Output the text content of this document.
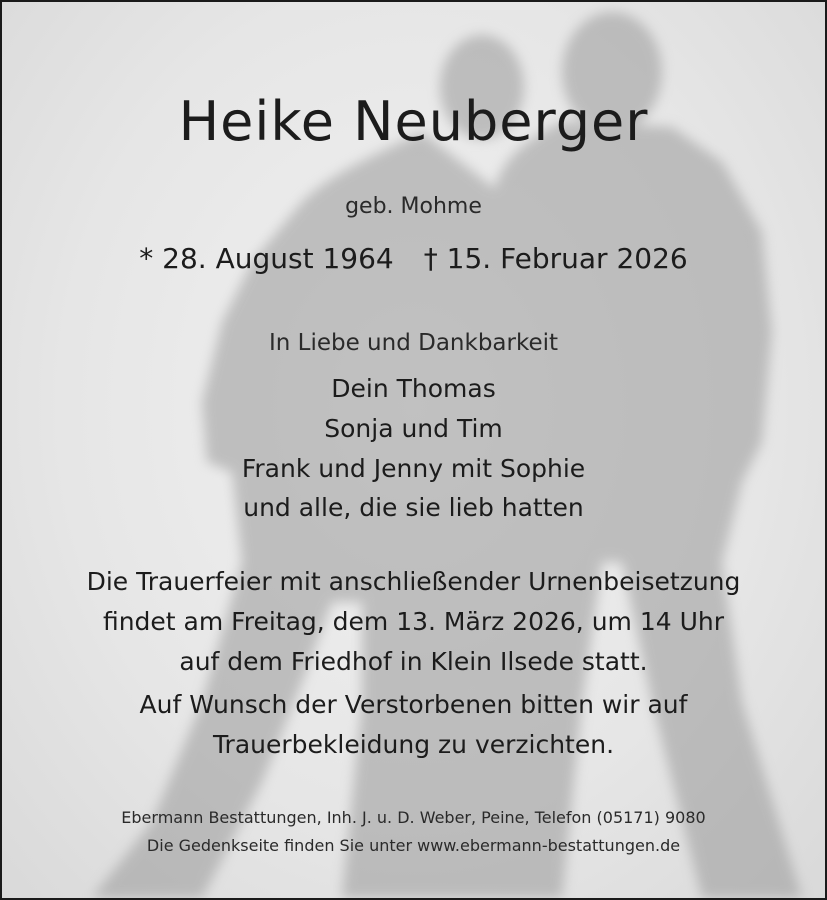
Heike Neuberger
geb. Mohme
* 28. August 1964 † 15. Februar 2026
In Liebe und Dankbarkeit
Dein Thomas
Sonja und Tim
Frank und Jenny mit Sophie
und alle, die sie lieb hatten
Die Trauerfeier mit anschließender Urnenbeisetzung
findet am Freitag, dem 13. März 2026, um 14 Uhr
auf dem Friedhof in Klein Ilsede statt.
Auf Wunsch der Verstorbenen bitten wir auf
Trauerbekleidung zu verzichten.
Ebermann Bestattungen, Inh. J. u. D. Weber, Peine, Telefon (05171) 9080
Die Gedenkseite finden Sie unter www.ebermann-bestattungen.de
